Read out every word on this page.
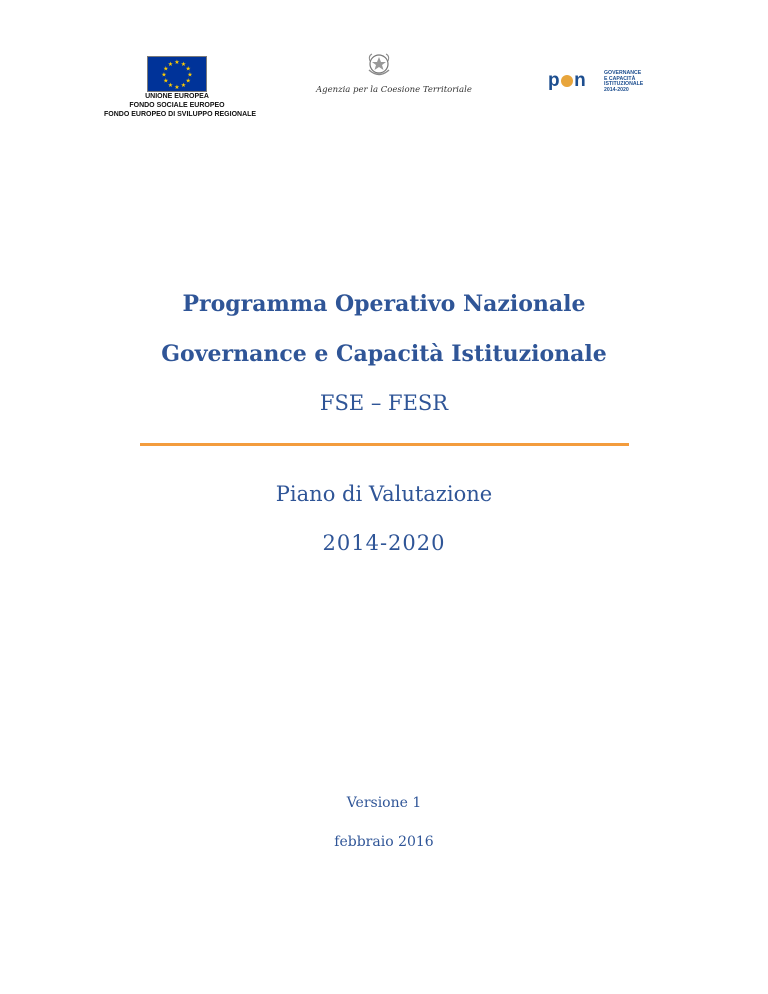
★ ★
★
★
★
★
★
★
★
★
★
★
UNIONE EUROPEA
FONDO SOCIALE EUROPEO
FONDO EUROPEO DI SVILUPPO REGIONALE
Agenzia per la Coesione Territoriale	p n	GOVERNANCE
E CAPACITÀ
ISTITUZIONALE
2014-2020
Programma Operativo Nazionale
Governance e Capacità Istituzionale
FSE – FESR
Piano di Valutazione
2014-2020
Versione 1
febbraio 2016
